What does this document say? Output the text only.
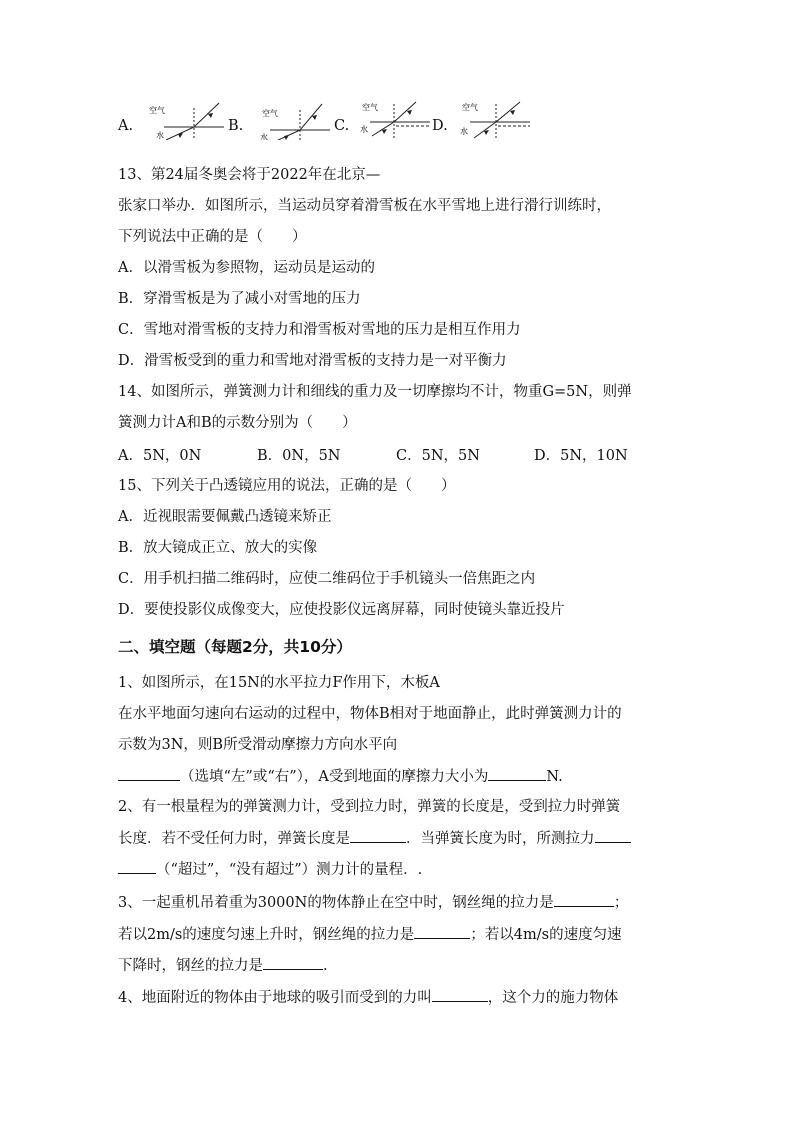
A.
空气
水
B.
空气
水
C.
空气
水	D.
空气
水
13、第24届冬奥会将于2022年在北京—
张家口举办．如图所示，当运动员穿着滑雪板在水平雪地上进行滑行训练时，
下列说法中正确的是（　　）
A．以滑雪板为参照物，运动员是运动的
B．穿滑雪板是为了减小对雪地的压力
C．雪地对滑雪板的支持力和滑雪板对雪地的压力是相互作用力
D．滑雪板受到的重力和雪地对滑雪板的支持力是一对平衡力
14、如图所示，弹簧测力计和细线的重力及一切摩擦均不计，物重G=5N，则弹
簧测力计A和B的示数分别为（　　）
A．5N，0N	B．0N，5N	C．5N，5N	D．5N，10N
15、下列关于凸透镜应用的说法，正确的是（　　）
A．近视眼需要佩戴凸透镜来矫正
B．放大镜成正立、放大的实像
C．用手机扫描二维码时，应使二维码位于手机镜头一倍焦距之内
D．要使投影仪成像变大，应使投影仪远离屏幕，同时使镜头靠近投片
二、填空题（每题2分，共10分）
1、如图所示，在15N的水平拉力F作用下，木板A
在水平地面匀速向右运动的过程中，物体B相对于地面静止，此时弹簧测力计的
示数为3N，则B所受滑动摩擦力方向水平向
（选填“左”或“右”），A受到地面的摩擦力大小为	N.
2、有一根量程为的弹簧测力计，受到拉力时，弹簧的长度是，受到拉力时弹簧
长度．若不受任何力时，弹簧长度是	．当弹簧长度为时，所测拉力
（“超过”，“没有超过”）测力计的量程．.
3、一起重机吊着重为3000N的物体静止在空中时，钢丝绳的拉力是	；
若以2m/s的速度匀速上升时，钢丝绳的拉力是	；若以4m/s的速度匀速
下降时，钢丝的拉力是	.
4、地面附近的物体由于地球的吸引而受到的力叫	，这个力的施力物体
